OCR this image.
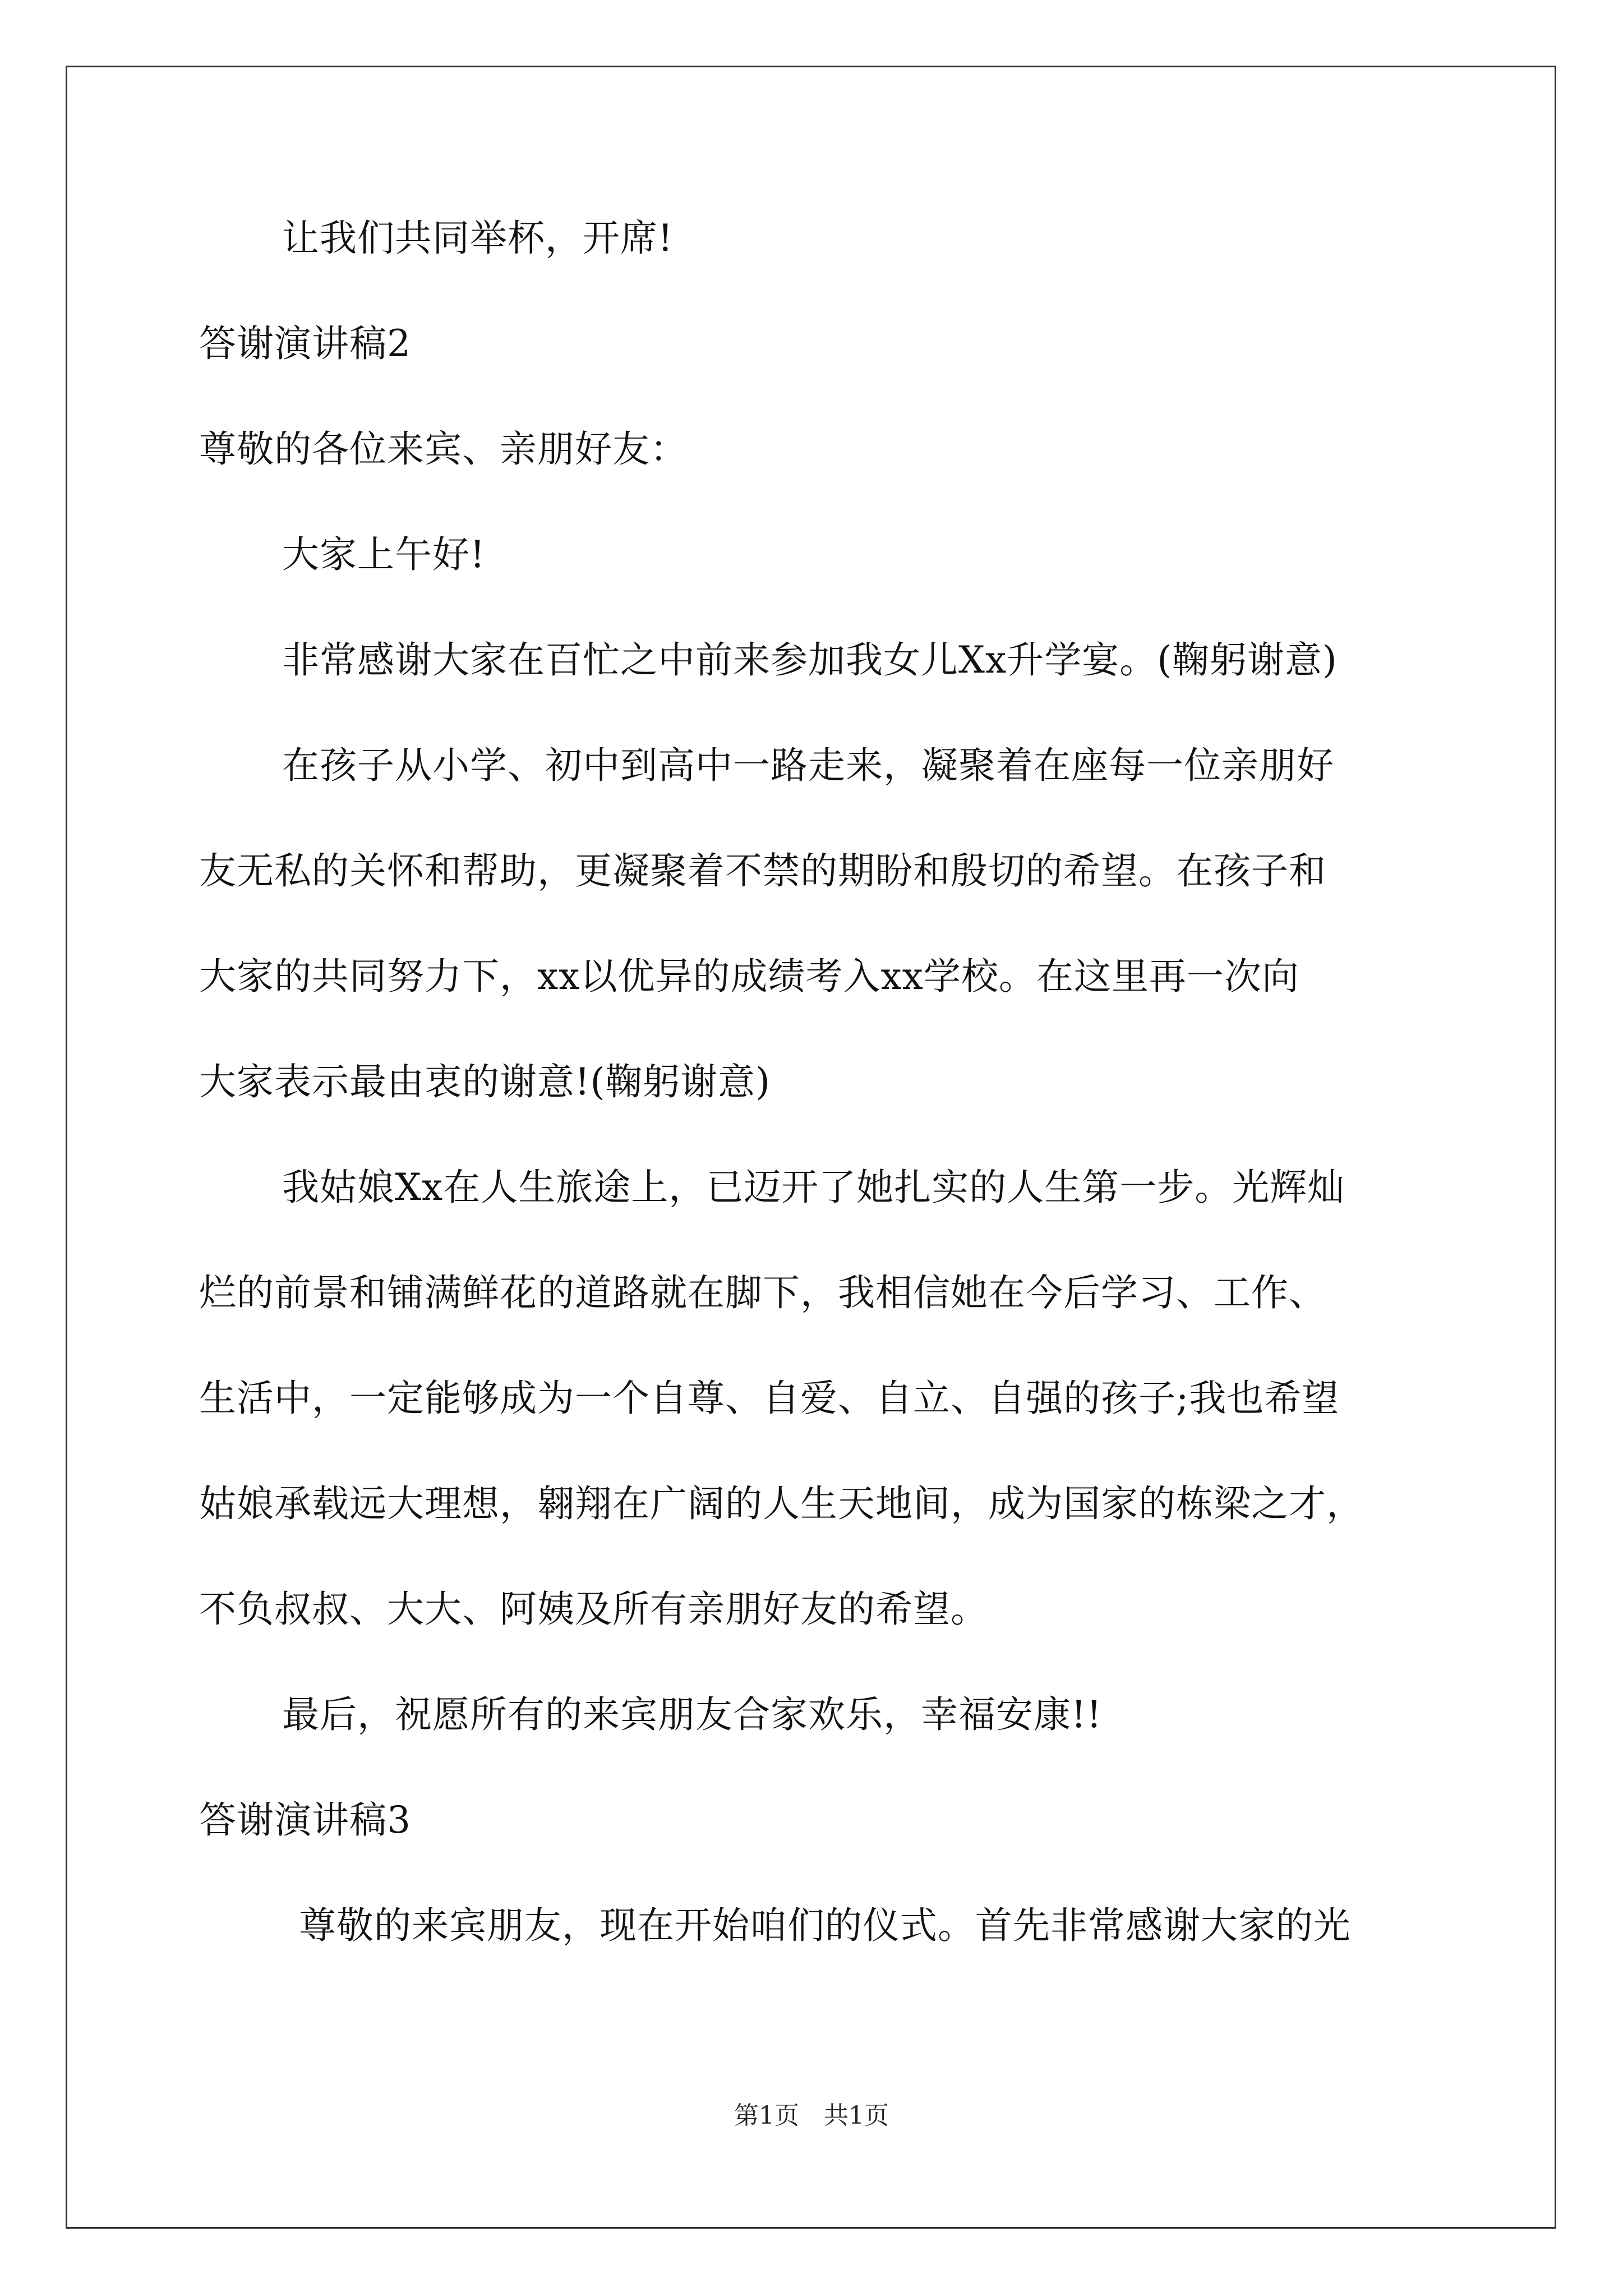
让我们共同举杯，开席!
答谢演讲稿2
尊敬的各位来宾、亲朋好友：
大家上午好!
非常感谢大家在百忙之中前来参加我女儿Xx升学宴。(鞠躬谢意)
在孩子从小学、初中到高中一路走来，凝聚着在座每一位亲朋好
友无私的关怀和帮助，更凝聚着不禁的期盼和殷切的希望。在孩子和
大家的共同努力下，xx以优异的成绩考入xx学校。在这里再一次向
大家表示最由衷的谢意!(鞠躬谢意)
我姑娘Xx在人生旅途上，已迈开了她扎实的人生第一步。光辉灿
烂的前景和铺满鲜花的道路就在脚下，我相信她在今后学习、工作、
生活中，一定能够成为一个自尊、自爱、自立、自强的孩子;我也希望
姑娘承载远大理想，翱翔在广阔的人生天地间，成为国家的栋梁之才，
不负叔叔、大大、阿姨及所有亲朋好友的希望。
最后，祝愿所有的来宾朋友合家欢乐，幸福安康!!
答谢演讲稿3
尊敬的来宾朋友，现在开始咱们的仪式。首先非常感谢大家的光
第1页　共1页
